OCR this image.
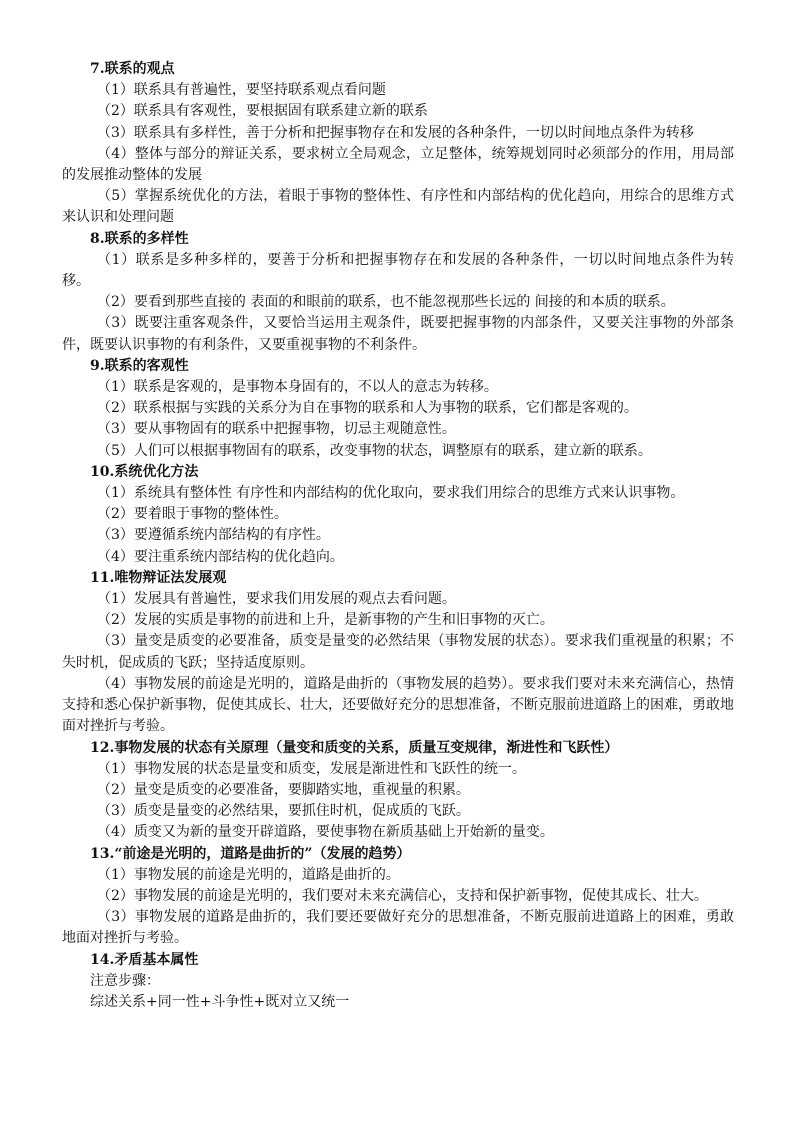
7.联系的观点
（1）联系具有普遍性，要坚持联系观点看问题
（2）联系具有客观性，要根据固有联系建立新的联系
（3）联系具有多样性，善于分析和把握事物存在和发展的各种条件，一切以时间地点条件为转移
（4）整体与部分的辩证关系，要求树立全局观念，立足整体，统筹规划同时必须部分的作用，用局部的发展推动整体的发展
（5）掌握系统优化的方法，着眼于事物的整体性、有序性和内部结构的优化趋向，用综合的思维方式来认识和处理问题
8.联系的多样性
（1）联系是多种多样的，要善于分析和把握事物存在和发展的各种条件，一切以时间地点条件为转移。
（2）要看到那些直接的 表面的和眼前的联系，也不能忽视那些长远的 间接的和本质的联系。
（3）既要注重客观条件，又要恰当运用主观条件，既要把握事物的内部条件，又要关注事物的外部条件，既要认识事物的有利条件，又要重视事物的不利条件。
9.联系的客观性
（1）联系是客观的，是事物本身固有的，不以人的意志为转移。
（2）联系根据与实践的关系分为自在事物的联系和人为事物的联系，它们都是客观的。
（3）要从事物固有的联系中把握事物，切忌主观随意性。
（5）人们可以根据事物固有的联系，改变事物的状态，调整原有的联系，建立新的联系。
10.系统优化方法
（1）系统具有整体性 有序性和内部结构的优化取向，要求我们用综合的思维方式来认识事物。
（2）要着眼于事物的整体性。
（3）要遵循系统内部结构的有序性。
（4）要注重系统内部结构的优化趋向。
11.唯物辩证法发展观
（1）发展具有普遍性，要求我们用发展的观点去看问题。
（2）发展的实质是事物的前进和上升，是新事物的产生和旧事物的灭亡。
（3）量变是质变的必要准备，质变是量变的必然结果（事物发展的状态）。要求我们重视量的积累；不失时机，促成质的飞跃；坚持适度原则。
（4）事物发展的前途是光明的，道路是曲折的（事物发展的趋势）。要求我们要对未来充满信心，热情支持和悉心保护新事物，促使其成长、壮大，还要做好充分的思想准备，不断克服前进道路上的困难，勇敢地面对挫折与考验。
12.事物发展的状态有关原理（量变和质变的关系，质量互变规律，渐进性和飞跃性）
（1）事物发展的状态是量变和质变，发展是渐进性和飞跃性的统一。
（2）量变是质变的必要准备，要脚踏实地，重视量的积累。
（3）质变是量变的必然结果，要抓住时机，促成质的飞跃。
（4）质变又为新的量变开辟道路，要使事物在新质基础上开始新的量变。
13.“前途是光明的，道路是曲折的”（发展的趋势）
（1）事物发展的前途是光明的，道路是曲折的。
（2）事物发展的前途是光明的，我们要对未来充满信心，支持和保护新事物，促使其成长、壮大。
（3）事物发展的道路是曲折的，我们要还要做好充分的思想准备，不断克服前进道路上的困难，勇敢地面对挫折与考验。
14.矛盾基本属性
注意步骤：
综述关系+同一性+斗争性+既对立又统一
